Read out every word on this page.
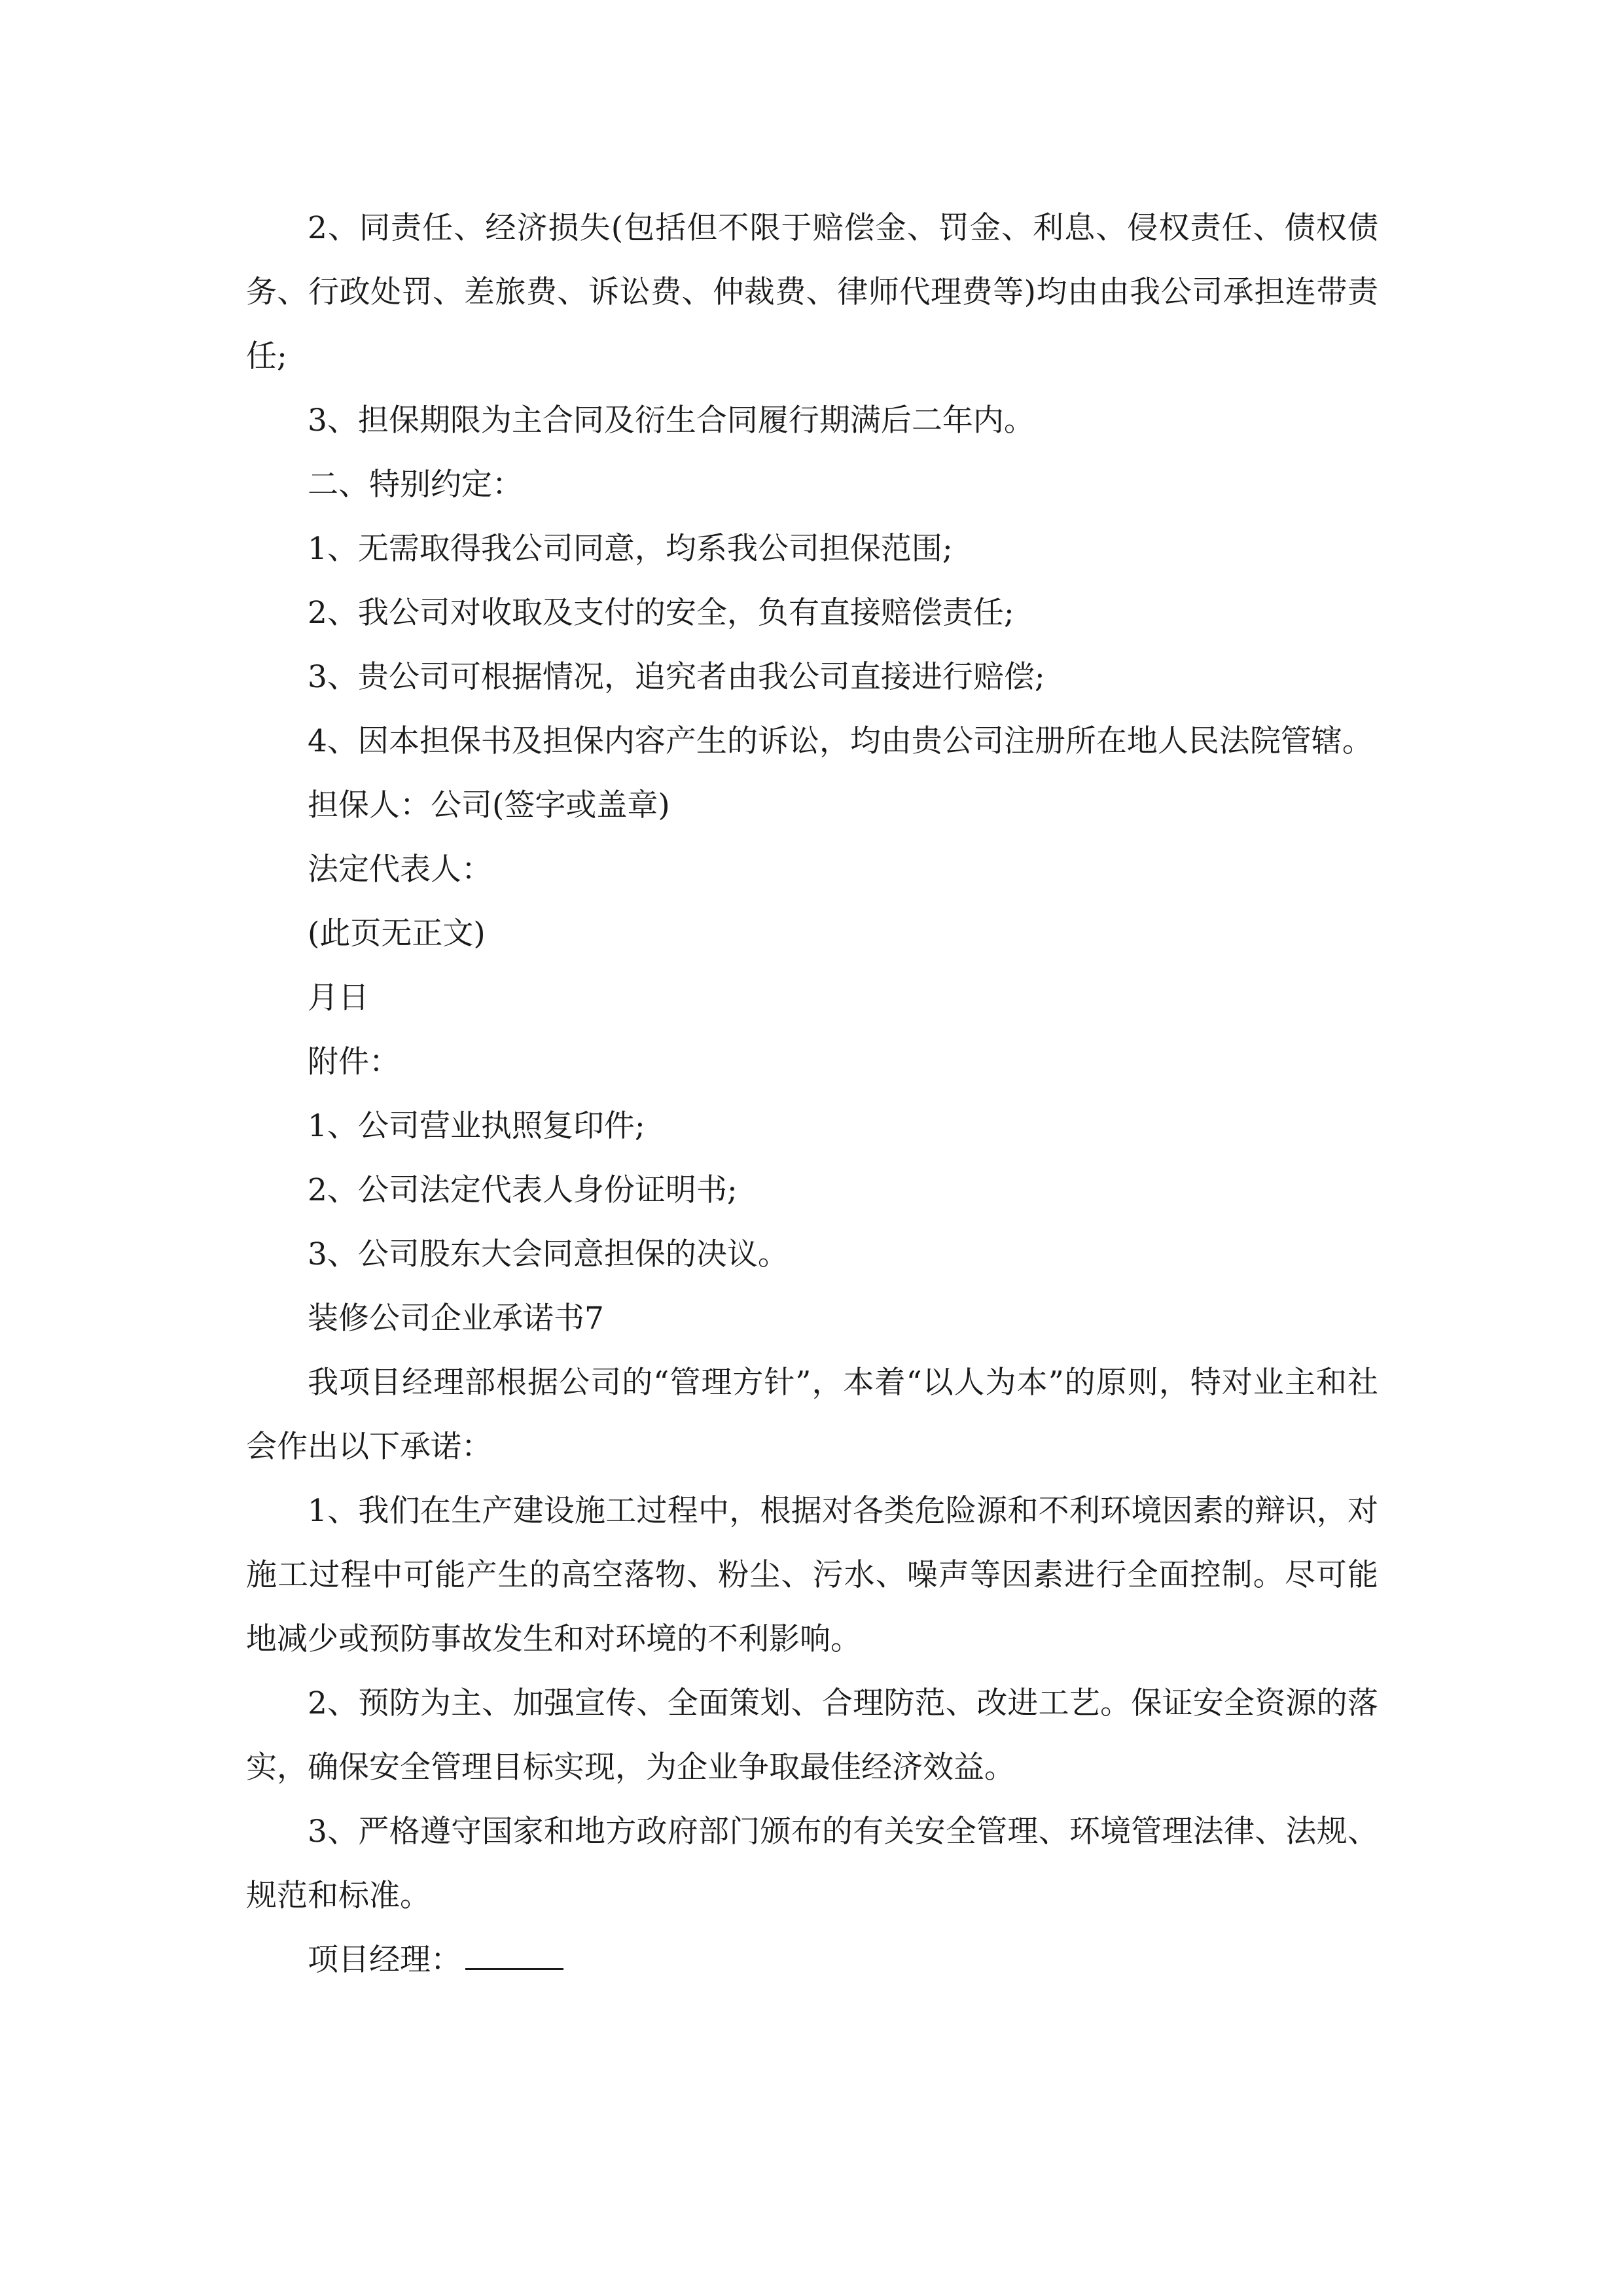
2、同责任、经济损失(包括但不限于赔偿金、罚金、利息、侵权责任、债权债务、行政处罚、差旅费、诉讼费、仲裁费、律师代理费等)均由由我公司承担连带责任;

3、担保期限为主合同及衍生合同履行期满后二年内。

二、特别约定：

1、无需取得我公司同意，均系我公司担保范围;

2、我公司对收取及支付的安全，负有直接赔偿责任;

3、贵公司可根据情况，追究者由我公司直接进行赔偿;

4、因本担保书及担保内容产生的诉讼，均由贵公司注册所在地人民法院管辖。

担保人：公司(签字或盖章)

法定代表人：

(此页无正文)

月日

附件：

1、公司营业执照复印件;

2、公司法定代表人身份证明书;

3、公司股东大会同意担保的决议。

装修公司企业承诺书7

我项目经理部根据公司的“管理方针”，本着“以人为本”的原则，特对业主和社会作出以下承诺：

1、我们在生产建设施工过程中，根据对各类危险源和不利环境因素的辩识，对施工过程中可能产生的高空落物、粉尘、污水、噪声等因素进行全面控制。尽可能地减少或预防事故发生和对环境的不利影响。

2、预防为主、加强宣传、全面策划、合理防范、改进工艺。保证安全资源的落实，确保安全管理目标实现，为企业争取最佳经济效益。

3、严格遵守国家和地方政府部门颁布的有关安全管理、环境管理法律、法规、规范和标准。

项目经理：
